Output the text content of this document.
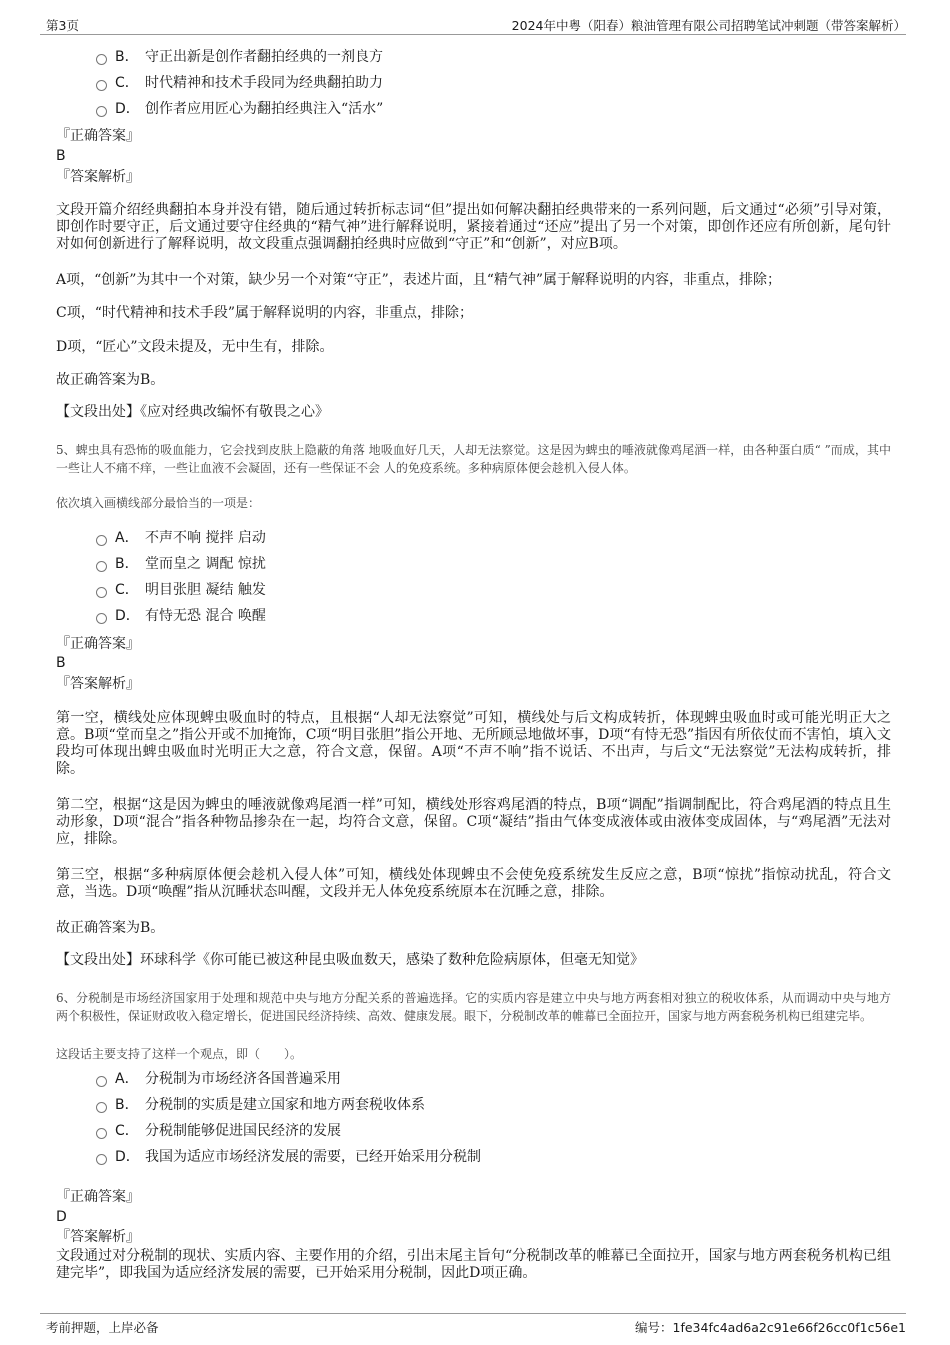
第3页	2024年中粤（阳春）粮油管理有限公司招聘笔试冲刺题（带答案解析）
B． 守正出新是创作者翻拍经典的一剂良方
C． 时代精神和技术手段同为经典翻拍助力
D． 创作者应用匠心为翻拍经典注入“活水”
『正确答案』
B
『答案解析』

文段开篇介绍经典翻拍本身并没有错，随后通过转折标志词“但”提出如何解决翻拍经典带来的一系列问题，后文通过“必须”引导对策，即创作时要守正，后文通过要守住经典的“精气神”进行解释说明，紧接着通过“还应”提出了另一个对策，即创作还应有所创新，尾句针对如何创新进行了解释说明，故文段重点强调翻拍经典时应做到“守正”和“创新”，对应B项。

A项，“创新”为其中一个对策，缺少另一个对策“守正”，表述片面，且“精气神”属于解释说明的内容，非重点，排除；

C项，“时代精神和技术手段”属于解释说明的内容，非重点，排除；

D项，“匠心”文段未提及，无中生有，排除。

故正确答案为B。

【文段出处】《应对经典改编怀有敬畏之心》

5、蜱虫具有恐怖的吸血能力，它会找到皮肤上隐蔽的角落 地吸血好几天，人却无法察觉。这是因为蜱虫的唾液就像鸡尾酒一样，由各种蛋白质“ ”而成，其中一些让人不痛不痒，一些让血液不会凝固，还有一些保证不会 人的免疫系统。多种病原体便会趁机入侵人体。

依次填入画横线部分最恰当的一项是：

A． 不声不响 搅拌 启动
B． 堂而皇之 调配 惊扰
C． 明目张胆 凝结 触发
D． 有恃无恐 混合 唤醒
『正确答案』
B
『答案解析』

第一空，横线处应体现蜱虫吸血时的特点，且根据“人却无法察觉”可知，横线处与后文构成转折，体现蜱虫吸血时或可能光明正大之意。B项“堂而皇之”指公开或不加掩饰，C项“明目张胆”指公开地、无所顾忌地做坏事，D项“有恃无恐”指因有所依仗而不害怕，填入文段均可体现出蜱虫吸血时光明正大之意，符合文意，保留。A项“不声不响”指不说话、不出声，与后文“无法察觉”无法构成转折，排除。

第二空，根据“这是因为蜱虫的唾液就像鸡尾酒一样”可知，横线处形容鸡尾酒的特点，B项“调配”指调制配比，符合鸡尾酒的特点且生动形象，D项“混合”指各种物品掺杂在一起，均符合文意，保留。C项“凝结”指由气体变成液体或由液体变成固体，与“鸡尾酒”无法对应，排除。

第三空，根据“多种病原体便会趁机入侵人体”可知，横线处体现蜱虫不会使免疫系统发生反应之意，B项“惊扰”指惊动扰乱，符合文意，当选。D项“唤醒”指从沉睡状态叫醒，文段并无人体免疫系统原本在沉睡之意，排除。

故正确答案为B。

【文段出处】环球科学《你可能已被这种昆虫吸血数天，感染了数种危险病原体，但毫无知觉》

6、分税制是市场经济国家用于处理和规范中央与地方分配关系的普遍选择。它的实质内容是建立中央与地方两套相对独立的税收体系，从而调动中央与地方两个积极性，保证财政收入稳定增长，促进国民经济持续、高效、健康发展。眼下，分税制改革的帷幕已全面拉开，国家与地方两套税务机构已组建完毕。

这段话主要支持了这样一个观点，即（　　）。

A． 分税制为市场经济各国普遍采用
B． 分税制的实质是建立国家和地方两套税收体系
C． 分税制能够促进国民经济的发展
D． 我国为适应市场经济发展的需要，已经开始采用分税制
『正确答案』
D
『答案解析』

文段通过对分税制的现状、实质内容、主要作用的介绍，引出末尾主旨句“分税制改革的帷幕已全面拉开，国家与地方两套税务机构已组建完毕”，即我国为适应经济发展的需要，已开始采用分税制，因此D项正确。

考前押题，上岸必备	编号：1fe34fc4ad6a2c91e66f26cc0f1c56e1
